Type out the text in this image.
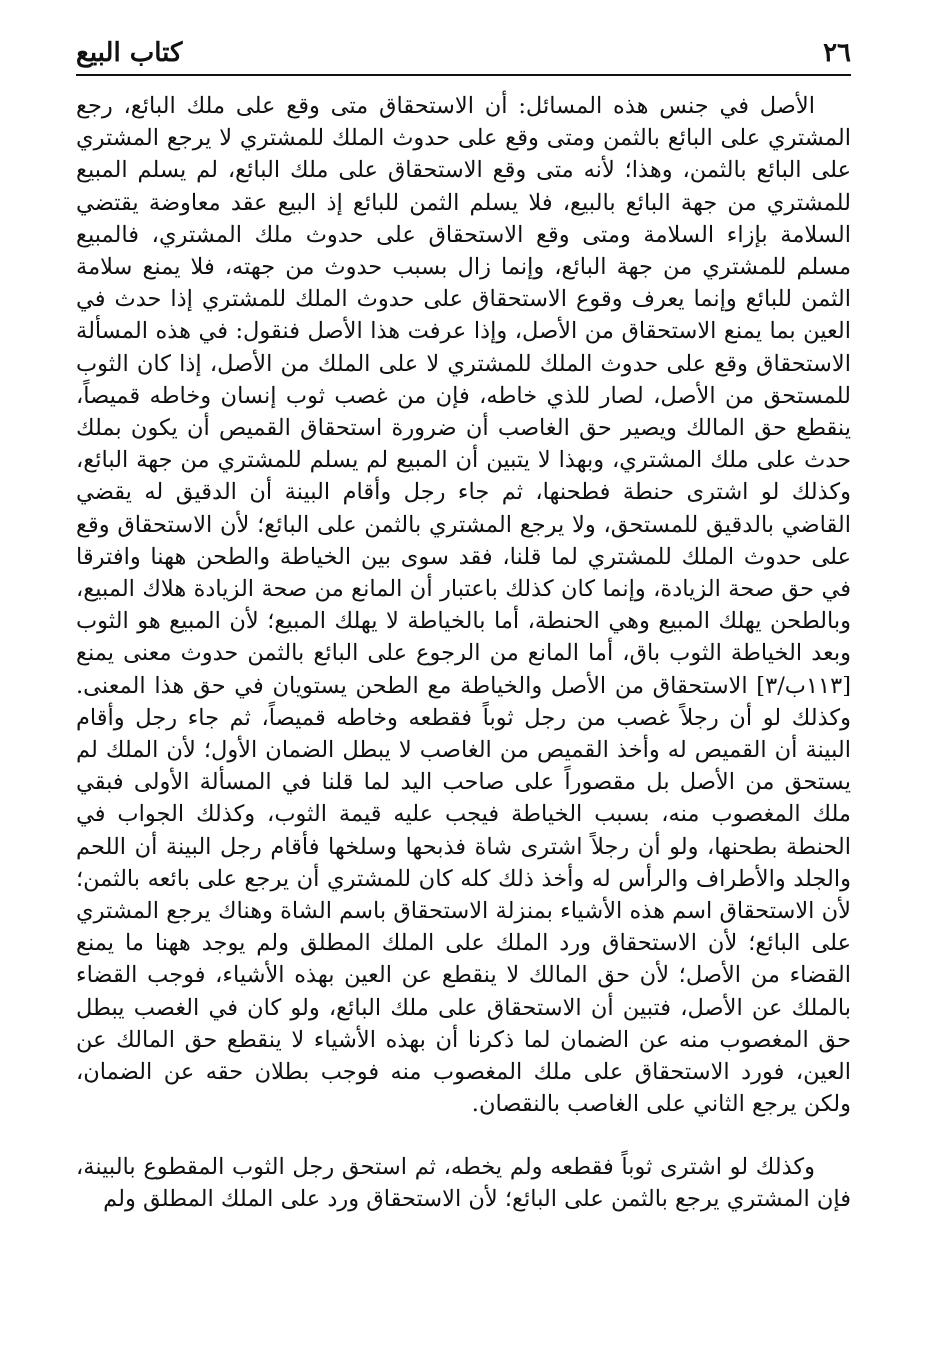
٢٦
كتاب البيع

الأصل في جنس هذه المسائل: أن الاستحقاق متى وقع على ملك البائع، رجع المشتري على البائع بالثمن ومتى وقع على حدوث الملك للمشتري لا يرجع المشتري على البائع بالثمن، وهذا؛ لأنه متى وقع الاستحقاق على ملك البائع، لم يسلم المبيع للمشتري من جهة البائع بالبيع، فلا يسلم الثمن للبائع إذ البيع عقد معاوضة يقتضي السلامة بإزاء السلامة ومتى وقع الاستحقاق على حدوث ملك المشتري، فالمبيع مسلم للمشتري من جهة البائع، وإنما زال بسبب حدوث من جهته، فلا يمنع سلامة الثمن للبائع وإنما يعرف وقوع الاستحقاق على حدوث الملك للمشتري إذا حدث في العين بما يمنع الاستحقاق من الأصل، وإذا عرفت هذا الأصل فنقول: في هذه المسألة الاستحقاق وقع على حدوث الملك للمشتري لا على الملك من الأصل، إذا كان الثوب للمستحق من الأصل، لصار للذي خاطه، فإن من غصب ثوب إنسان وخاطه قميصاً، ينقطع حق المالك ويصير حق الغاصب أن ضرورة استحقاق القميص أن يكون بملك حدث على ملك المشتري، وبهذا لا يتبين أن المبيع لم يسلم للمشتري من جهة البائع، وكذلك لو اشترى حنطة فطحنها، ثم جاء رجل وأقام البينة أن الدقيق له يقضي القاضي بالدقيق للمستحق، ولا يرجع المشتري بالثمن على البائع؛ لأن الاستحقاق وقع على حدوث الملك للمشتري لما قلنا، فقد سوى بين الخياطة والطحن ههنا وافترقا في حق صحة الزيادة، وإنما كان كذلك باعتبار أن المانع من صحة الزيادة هلاك المبيع، وبالطحن يهلك المبيع وهي الحنطة، أما بالخياطة لا يهلك المبيع؛ لأن المبيع هو الثوب وبعد الخياطة الثوب باق، أما المانع من الرجوع على البائع بالثمن حدوث معنى يمنع [١١٣ب/٣] الاستحقاق من الأصل والخياطة مع الطحن يستويان في حق هذا المعنى. وكذلك لو أن رجلاً غصب من رجل ثوباً فقطعه وخاطه قميصاً، ثم جاء رجل وأقام البينة أن القميص له وأخذ القميص من الغاصب لا يبطل الضمان الأول؛ لأن الملك لم يستحق من الأصل بل مقصوراً على صاحب اليد لما قلنا في المسألة الأولى فبقي ملك المغصوب منه، بسبب الخياطة فيجب عليه قيمة الثوب، وكذلك الجواب في الحنطة بطحنها، ولو أن رجلاً اشترى شاة فذبحها وسلخها فأقام رجل البينة أن اللحم والجلد والأطراف والرأس له وأخذ ذلك كله كان للمشتري أن يرجع على بائعه بالثمن؛ لأن الاستحقاق اسم هذه الأشياء بمنزلة الاستحقاق باسم الشاة وهناك يرجع المشتري على البائع؛ لأن الاستحقاق ورد الملك على الملك المطلق ولم يوجد ههنا ما يمنع القضاء من الأصل؛ لأن حق المالك لا ينقطع عن العين بهذه الأشياء، فوجب القضاء بالملك عن الأصل، فتبين أن الاستحقاق على ملك البائع، ولو كان في الغصب يبطل حق المغصوب منه عن الضمان لما ذكرنا أن بهذه الأشياء لا ينقطع حق المالك عن العين، فورد الاستحقاق على ملك المغصوب منه فوجب بطلان حقه عن الضمان، ولكن يرجع الثاني على الغاصب بالنقصان.

وكذلك لو اشترى ثوباً فقطعه ولم يخطه، ثم استحق رجل الثوب المقطوع بالبينة، فإن المشتري يرجع بالثمن على البائع؛ لأن الاستحقاق ورد على الملك المطلق ولم
